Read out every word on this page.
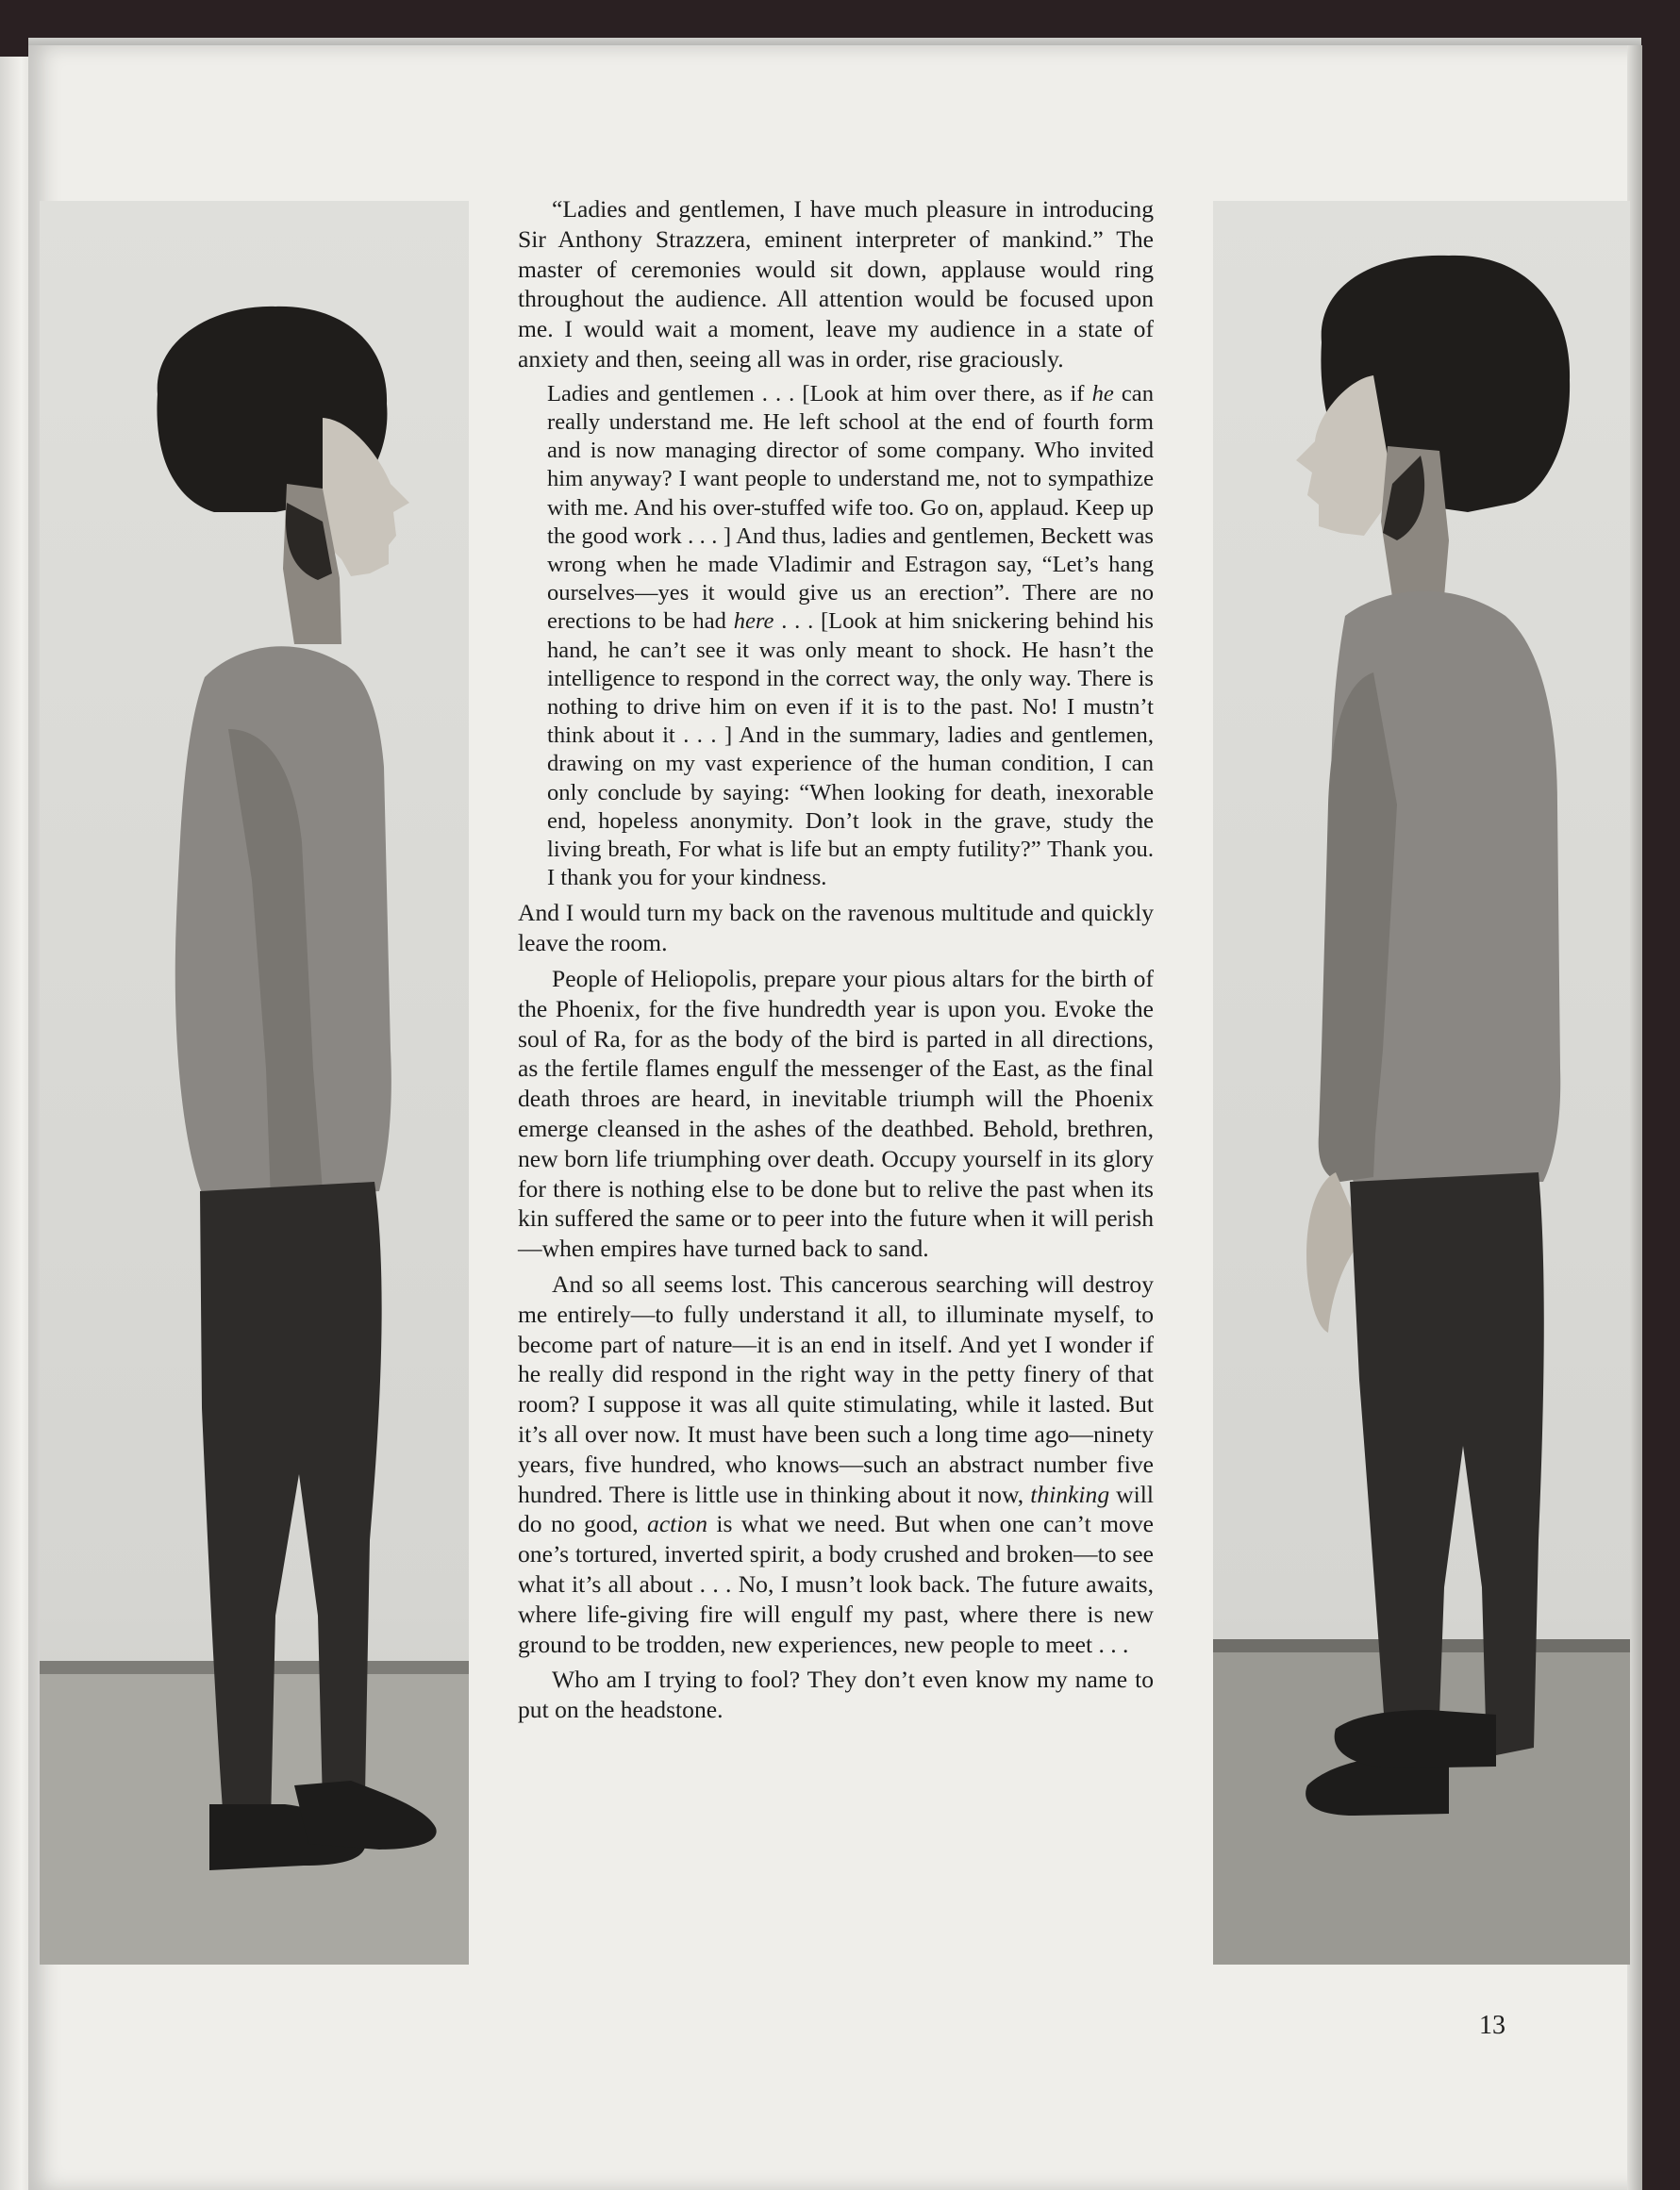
“Ladies and gentlemen, I have much pleasure in introducing Sir Anthony Strazzera, eminent interpreter of mankind.” The master of ceremonies would sit down, applause would ring throughout the audience. All attention would be focused upon me. I would wait a moment, leave my audience in a state of anxiety and then, seeing all was in order, rise graciously.

Ladies and gentlemen . . . [Look at him over there, as if he can really understand me. He left school at the end of fourth form and is now managing director of some company. Who invited him anyway? I want people to understand me, not to sympathize with me. And his over-stuffed wife too. Go on, applaud. Keep up the good work . . . ] And thus, ladies and gentlemen, Beckett was wrong when he made Vladimir and Estragon say, “Let’s hang ourselves—yes it would give us an erection”. There are no erections to be had here . . . [Look at him snickering behind his hand, he can’t see it was only meant to shock. He hasn’t the intelligence to respond in the correct way, the only way. There is nothing to drive him on even if it is to the past. No! I mustn’t think about it . . . ] And in the summary, ladies and gentlemen, drawing on my vast experience of the human condition, I can only conclude by saying: “When looking for death, inexorable end, hopeless anonymity. Don’t look in the grave, study the living breath, For what is life but an empty futility?” Thank you. I thank you for your kindness.

And I would turn my back on the ravenous multitude and quickly leave the room.

People of Heliopolis, prepare your pious altars for the birth of the Phoenix, for the five hundredth year is upon you. Evoke the soul of Ra, for as the body of the bird is parted in all directions, as the fertile flames engulf the messenger of the East, as the final death throes are heard, in inevitable triumph will the Phoenix emerge cleansed in the ashes of the deathbed. Behold, brethren, new born life triumphing over death. Occupy yourself in its glory for there is nothing else to be done but to relive the past when its kin suffered the same or to peer into the future when it will perish—when empires have turned back to sand.

And so all seems lost. This cancerous searching will destroy me entirely—to fully understand it all, to illuminate myself, to become part of nature—it is an end in itself. And yet I wonder if he really did respond in the right way in the petty finery of that room? I suppose it was all quite stimulating, while it lasted. But it’s all over now. It must have been such a long time ago—ninety years, five hundred, who knows—such an abstract number five hundred. There is little use in thinking about it now, thinking will do no good, action is what we need. But when one can’t move one’s tortured, inverted spirit, a body crushed and broken—to see what it’s all about . . . No, I musn’t look back. The future awaits, where life-giving fire will engulf my past, where there is new ground to be trodden, new experiences, new people to meet . . .

Who am I trying to fool? They don’t even know my name to put on the headstone.

13
